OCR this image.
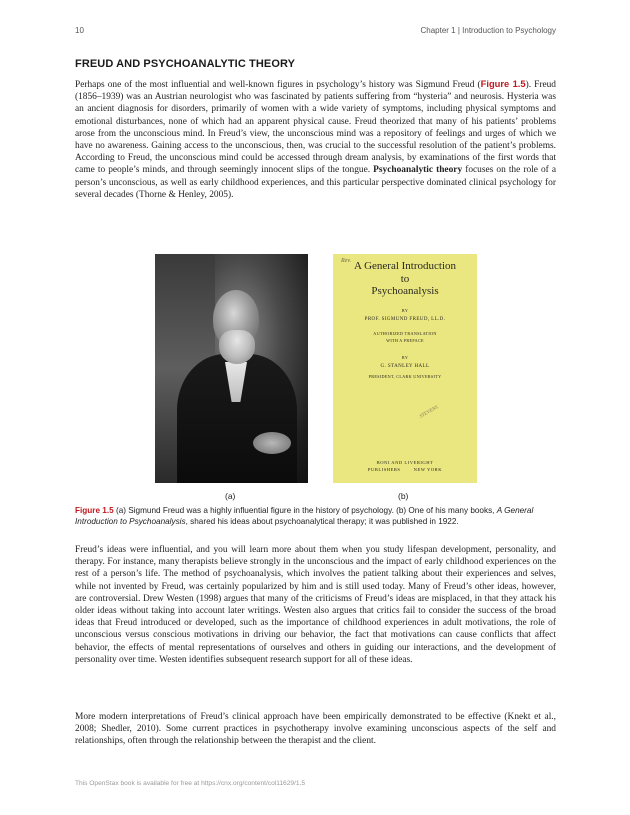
10	Chapter 1 | Introduction to Psychology
FREUD AND PSYCHOANALYTIC THEORY

Perhaps one of the most influential and well-known figures in psychology’s history was Sigmund Freud (Figure 1.5). Freud (1856–1939) was an Austrian neurologist who was fascinated by patients suffering from “hysteria” and neurosis. Hysteria was an ancient diagnosis for disorders, primarily of women with a wide variety of symptoms, including physical symptoms and emotional disturbances, none of which had an apparent physical cause. Freud theorized that many of his patients’ problems arose from the unconscious mind. In Freud’s view, the unconscious mind was a repository of feelings and urges of which we have no awareness. Gaining access to the unconscious, then, was crucial to the successful resolution of the patient’s problems. According to Freud, the unconscious mind could be accessed through dream analysis, by examinations of the first words that came to people’s minds, and through seemingly innocent slips of the tongue. Psychoanalytic theory focuses on the role of a person’s unconscious, as well as early childhood experiences, and this particular perspective dominated clinical psychology for several decades (Thorne & Henley, 2005).

Rev. A General Introduction
to
Psychoanalysis
BY
PROF. SIGMUND FREUD, LL.D.
AUTHORIZED TRANSLATION
WITH A PREFACE
BY
G. STANLEY HALL
PRESIDENT, CLARK UNIVERSITY
STEVENS
BONI AND LIVERIGHT
PUBLISHERS        NEW YORK
(a)	(b)

Figure 1.5 (a) Sigmund Freud was a highly influential figure in the history of psychology. (b) One of his many books, A General Introduction to Psychoanalysis, shared his ideas about psychoanalytical therapy; it was published in 1922.

Freud’s ideas were influential, and you will learn more about them when you study lifespan development, personality, and therapy. For instance, many therapists believe strongly in the unconscious and the impact of early childhood experiences on the rest of a person’s life. The method of psychoanalysis, which involves the patient talking about their experiences and selves, while not invented by Freud, was certainly popularized by him and is still used today. Many of Freud’s other ideas, however, are controversial. Drew Westen (1998) argues that many of the criticisms of Freud’s ideas are misplaced, in that they attack his older ideas without taking into account later writings. Westen also argues that critics fail to consider the success of the broad ideas that Freud introduced or developed, such as the importance of childhood experiences in adult motivations, the role of unconscious versus conscious motivations in driving our behavior, the fact that motivations can cause conflicts that affect behavior, the effects of mental representations of ourselves and others in guiding our interactions, and the development of personality over time. Westen identifies subsequent research support for all of these ideas.

More modern interpretations of Freud’s clinical approach have been empirically demonstrated to be effective (Knekt et al., 2008; Shedler, 2010). Some current practices in psychotherapy involve examining unconscious aspects of the self and relationships, often through the relationship between the therapist and the client.

This OpenStax book is available for free at https://cnx.org/content/col11629/1.5
